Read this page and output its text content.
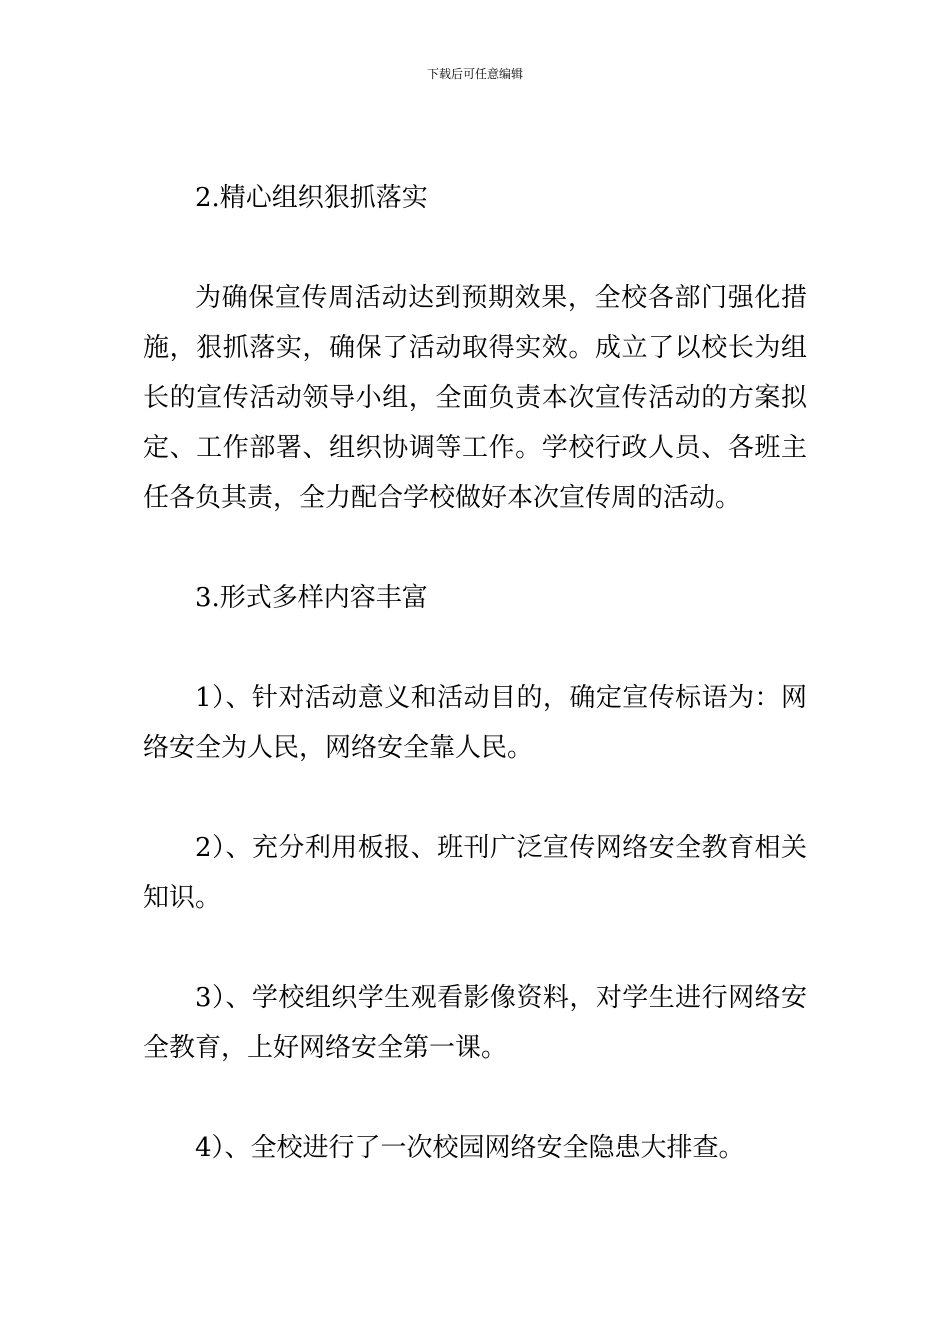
下载后可任意编辑

2.精心组织狠抓落实

为确保宣传周活动达到预期效果，全校各部门强化措施，狠抓落实，确保了活动取得实效。成立了以校长为组长的宣传活动领导小组，全面负责本次宣传活动的方案拟定、工作部署、组织协调等工作。学校行政人员、各班主任各负其责，全力配合学校做好本次宣传周的活动。

3.形式多样内容丰富

1）、针对活动意义和活动目的，确定宣传标语为：网络安全为人民，网络安全靠人民。

2）、充分利用板报、班刊广泛宣传网络安全教育相关知识。

3）、学校组织学生观看影像资料，对学生进行网络安全教育，上好网络安全第一课。

4）、全校进行了一次校园网络安全隐患大排查。
